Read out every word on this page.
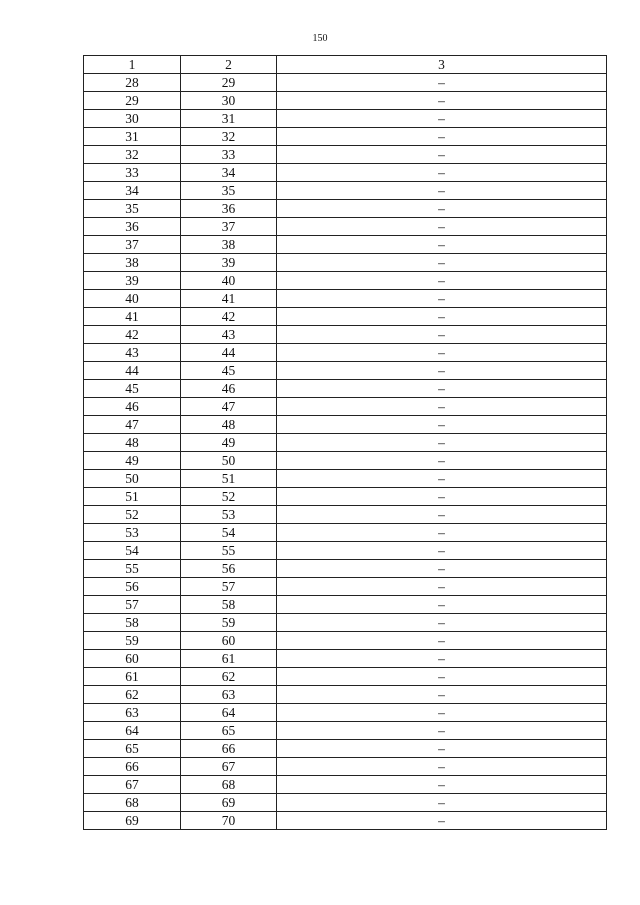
150
1	2	3
28	29	–
29	30	–
30	31	–
31	32	–
32	33	–
33	34	–
34	35	–
35	36	–
36	37	–
37	38	–
38	39	–
39	40	–
40	41	–
41	42	–
42	43	–
43	44	–
44	45	–
45	46	–
46	47	–
47	48	–
48	49	–
49	50	–
50	51	–
51	52	–
52	53	–
53	54	–
54	55	–
55	56	–
56	57	–
57	58	–
58	59	–
59	60	–
60	61	–
61	62	–
62	63	–
63	64	–
64	65	–
65	66	–
66	67	–
67	68	–
68	69	–
69	70	–
